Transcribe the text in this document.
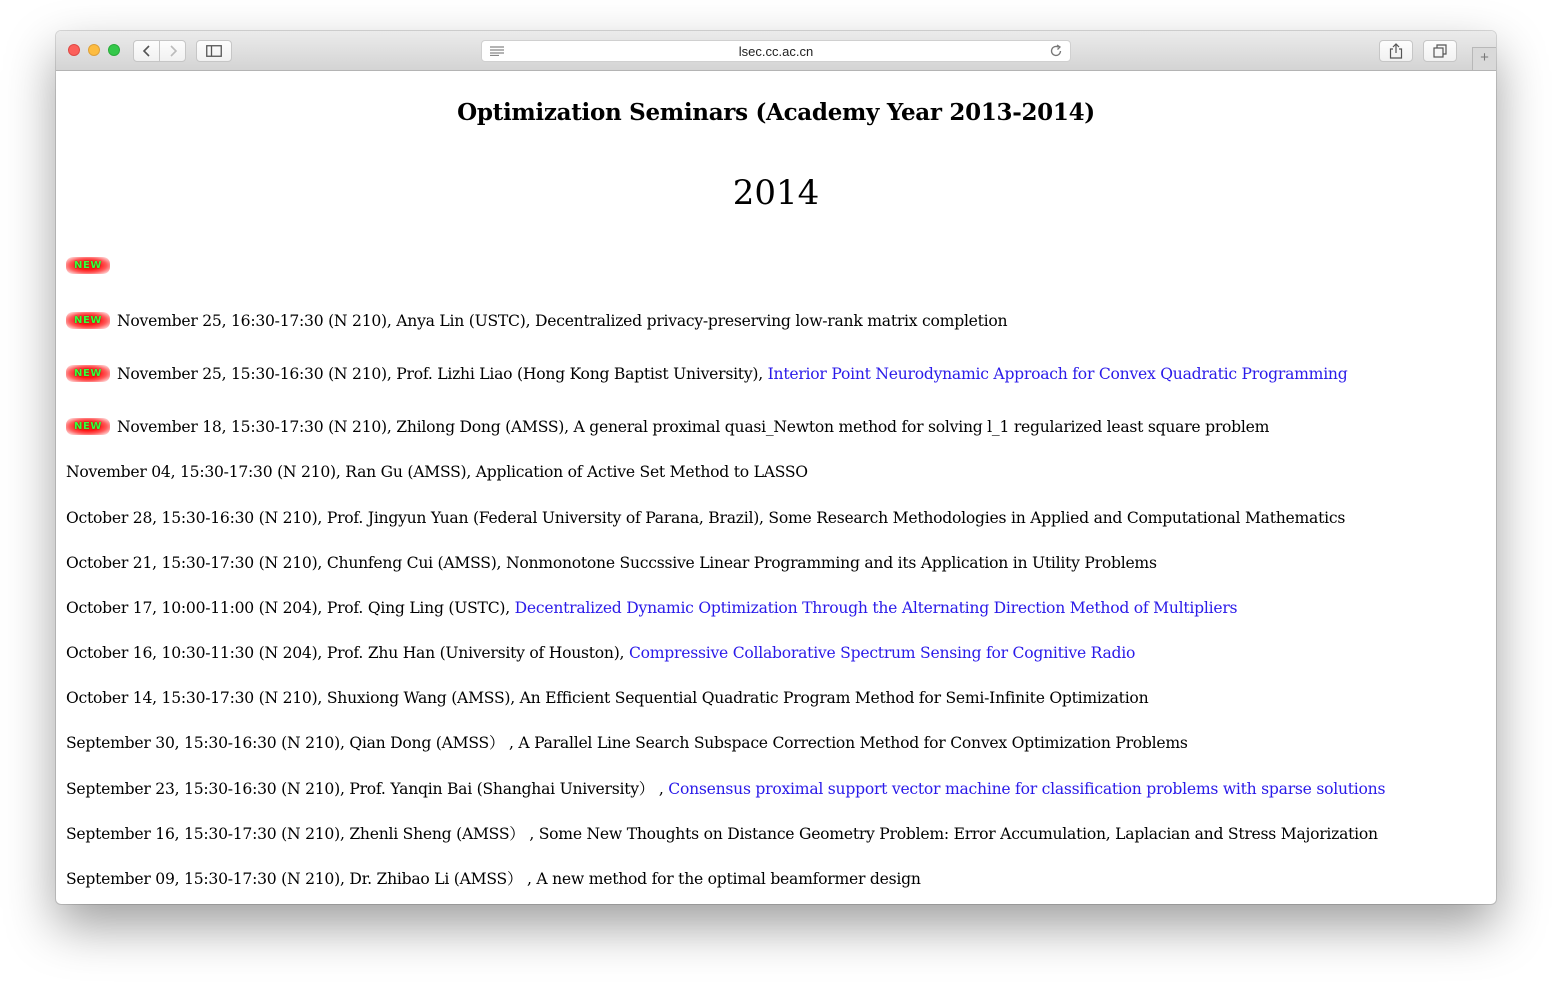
lsec.cc.ac.cn	+
Optimization Seminars (Academy Year 2013-2014)
2014
NEW
NEW November 25, 16:30-17:30 (N 210), Anya Lin (USTC), Decentralized privacy-preserving low-rank matrix completion
NEW November 25, 15:30-16:30 (N 210), Prof. Lizhi Liao (Hong Kong Baptist University), Interior Point Neurodynamic Approach for Convex Quadratic Programming
NEW November 18, 15:30-17:30 (N 210), Zhilong Dong (AMSS), A general proximal quasi_Newton method for solving l_1 regularized least square problem
November 04, 15:30-17:30 (N 210), Ran Gu (AMSS), Application of Active Set Method to LASSO
October 28, 15:30-16:30 (N 210), Prof. Jingyun Yuan (Federal University of Parana, Brazil), Some Research Methodologies in Applied and Computational Mathematics
October 21, 15:30-17:30 (N 210), Chunfeng Cui (AMSS), Nonmonotone Succssive Linear Programming and its Application in Utility Problems
October 17, 10:00-11:00 (N 204), Prof. Qing Ling (USTC), Decentralized Dynamic Optimization Through the Alternating Direction Method of Multipliers
October 16, 10:30-11:30 (N 204), Prof. Zhu Han (University of Houston), Compressive Collaborative Spectrum Sensing for Cognitive Radio
October 14, 15:30-17:30 (N 210), Shuxiong Wang (AMSS), An Efficient Sequential Quadratic Program Method for Semi-Infinite Optimization
September 30, 15:30-16:30 (N 210), Qian Dong (AMSS） , A Parallel Line Search Subspace Correction Method for Convex Optimization Problems
September 23, 15:30-16:30 (N 210), Prof. Yanqin Bai (Shanghai University） , Consensus proximal support vector machine for classification problems with sparse solutions
September 16, 15:30-17:30 (N 210), Zhenli Sheng (AMSS） , Some New Thoughts on Distance Geometry Problem: Error Accumulation, Laplacian and Stress Majorization
September 09, 15:30-17:30 (N 210), Dr. Zhibao Li (AMSS） , A new method for the optimal beamformer design
